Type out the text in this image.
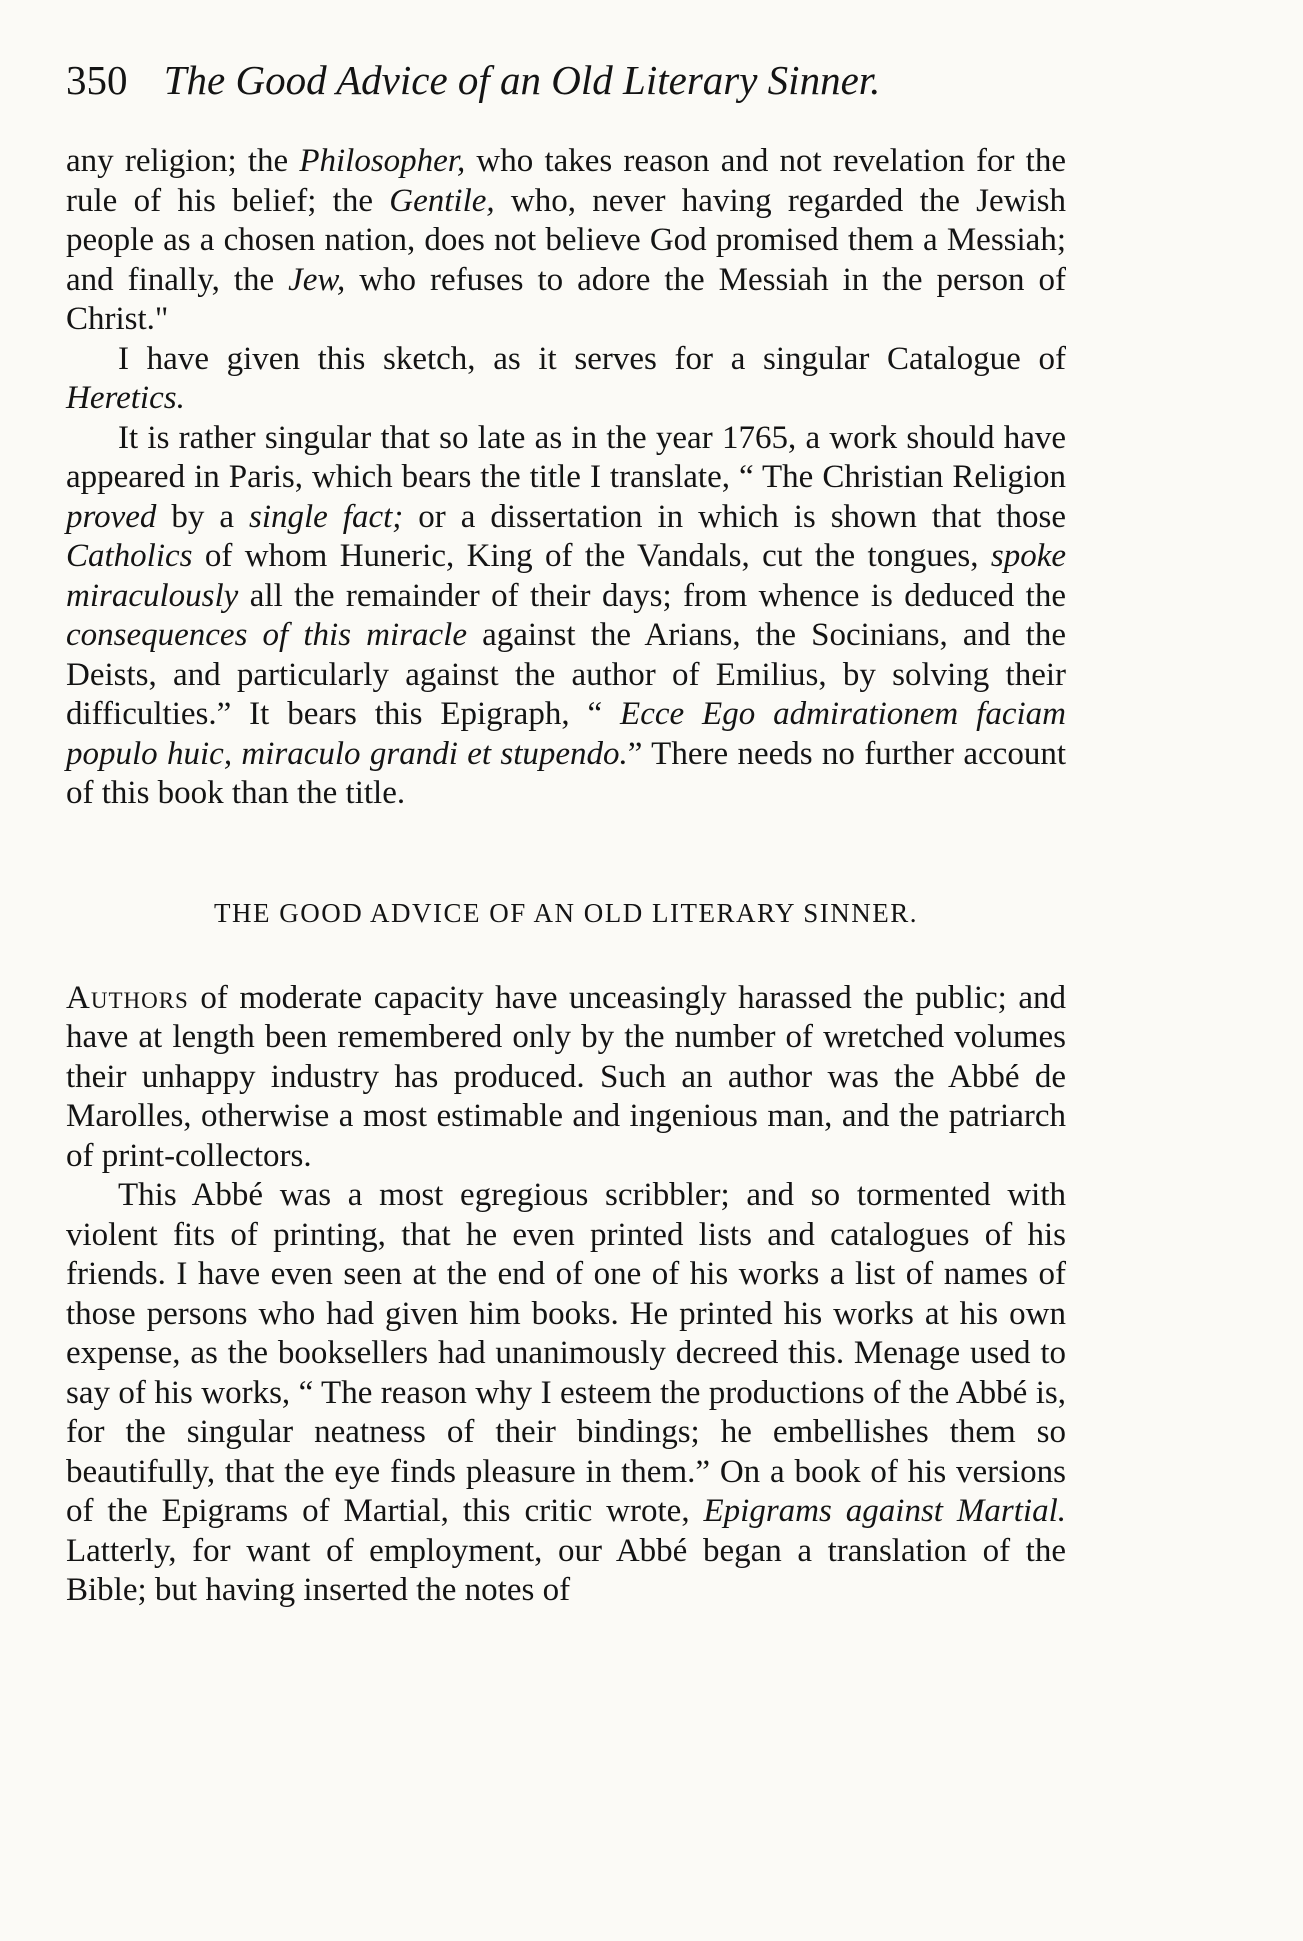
350 The Good Advice of an Old Literary Sinner.

any religion; the Philosopher, who takes reason and not revelation for the rule of his belief; the Gentile, who, never having regarded the Jewish people as a chosen nation, does not believe God promised them a Messiah; and finally, the Jew, who refuses to adore the Messiah in the person of Christ."

I have given this sketch, as it serves for a singular Catalogue of Heretics.

It is rather singular that so late as in the year 1765, a work should have appeared in Paris, which bears the title I translate, “ The Christian Religion proved by a single fact; or a dissertation in which is shown that those Catholics of whom Huneric, King of the Vandals, cut the tongues, spoke miraculously all the remainder of their days; from whence is deduced the consequences of this miracle against the Arians, the Socinians, and the Deists, and particularly against the author of Emilius, by solving their difficulties.” It bears this Epigraph, “ Ecce Ego admirationem faciam populo huic, miraculo grandi et stupendo.” There needs no further account of this book than the title.

THE GOOD ADVICE OF AN OLD LITERARY SINNER.

Authors of moderate capacity have unceasingly harassed the public; and have at length been remembered only by the number of wretched volumes their unhappy industry has produced. Such an author was the Abbé de Marolles, otherwise a most estimable and ingenious man, and the patriarch of print-collectors.

This Abbé was a most egregious scribbler; and so tormented with violent fits of printing, that he even printed lists and catalogues of his friends. I have even seen at the end of one of his works a list of names of those persons who had given him books. He printed his works at his own expense, as the booksellers had unanimously decreed this. Menage used to say of his works, “ The reason why I esteem the productions of the Abbé is, for the singular neatness of their bindings; he embellishes them so beautifully, that the eye finds pleasure in them.” On a book of his versions of the Epigrams of Martial, this critic wrote, Epigrams against Martial. Latterly, for want of employment, our Abbé began a translation of the Bible; but having inserted the notes of
